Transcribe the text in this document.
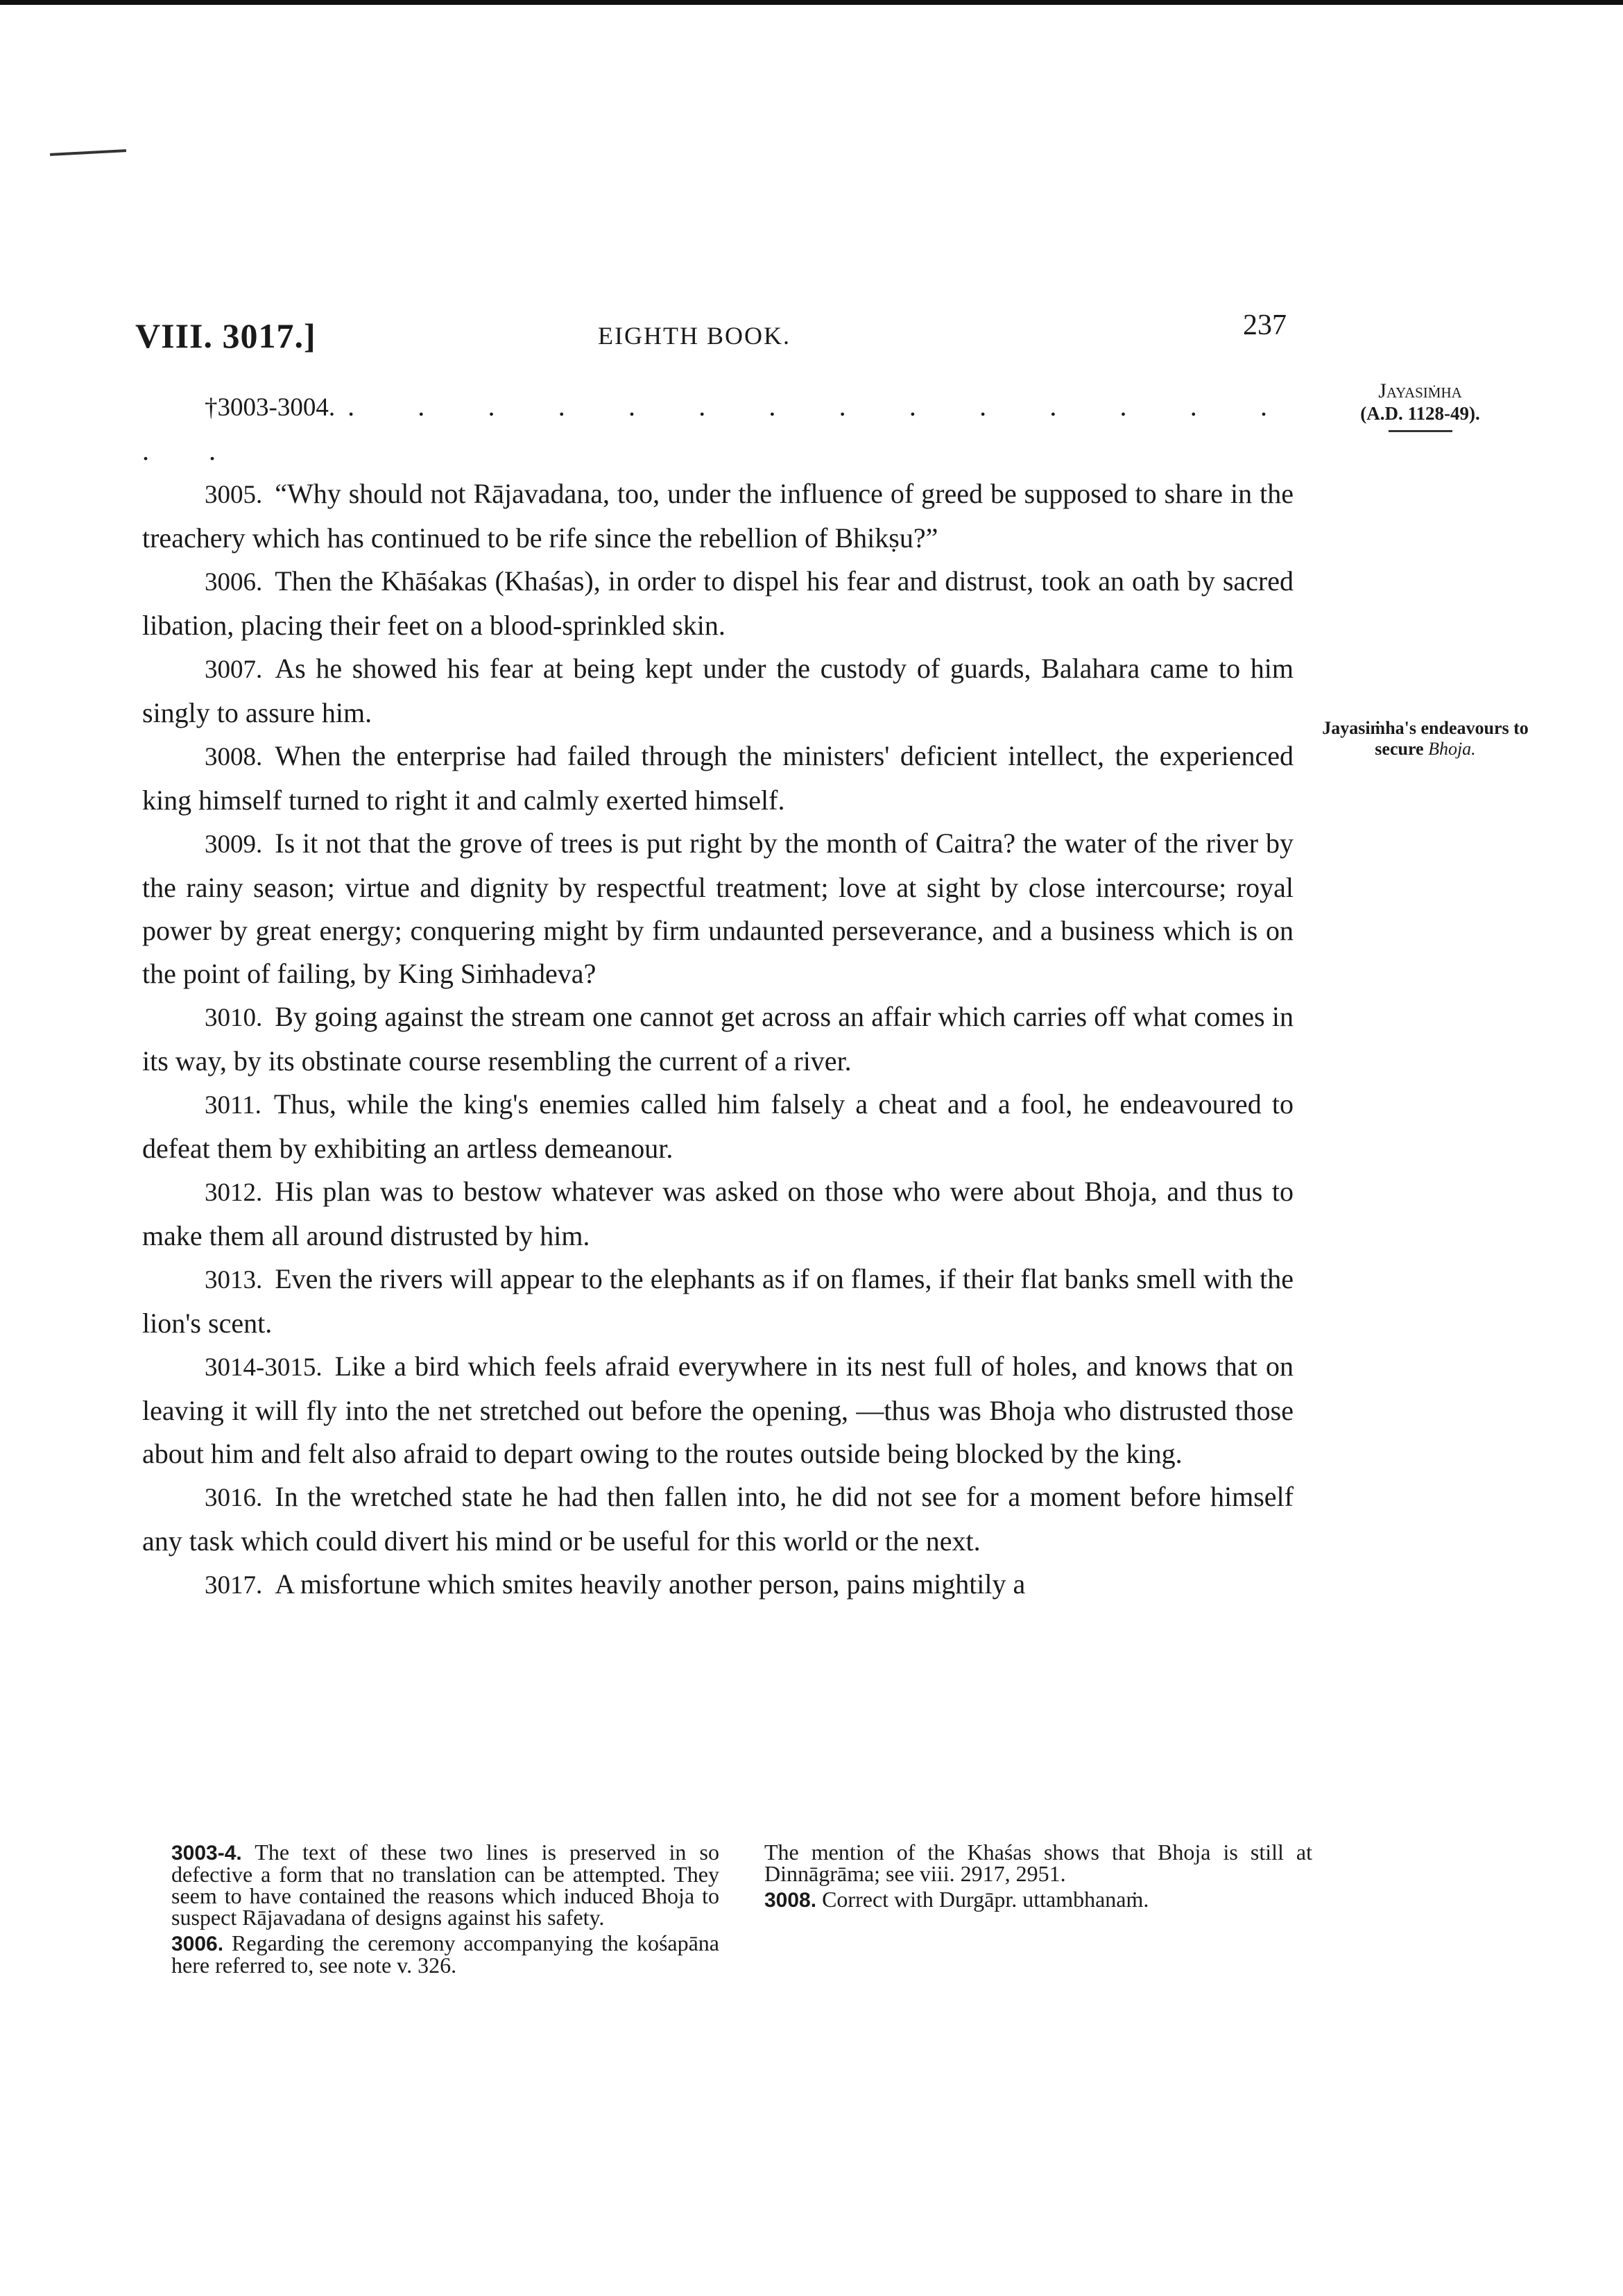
VIII. 3017.]	EIGHTH BOOK.	237
Jayasiṁha
(A.D. 1128-49).
Jayasiṁha's endeavours to secure Bhoja.

†3003-3004. . . . . . . . . . . . . . . . .

3005. “Why should not Rājavadana, too, under the influence of greed be supposed to share in the treachery which has continued to be rife since the rebellion of Bhikṣu?”

3006. Then the Khāśakas (Khaśas), in order to dispel his fear and distrust, took an oath by sacred libation, placing their feet on a blood-sprinkled skin.

3007. As he showed his fear at being kept under the custody of guards, Balahara came to him singly to assure him.

3008. When the enterprise had failed through the ministers' deficient intellect, the experienced king himself turned to right it and calmly exerted himself.

3009. Is it not that the grove of trees is put right by the month of Caitra? the water of the river by the rainy season; virtue and dignity by respectful treatment; love at sight by close intercourse; royal power by great energy; conquering might by firm undaunted perseverance, and a business which is on the point of failing, by King Siṁhadeva?

3010. By going against the stream one cannot get across an affair which carries off what comes in its way, by its obstinate course resembling the current of a river.

3011. Thus, while the king's enemies called him falsely a cheat and a fool, he endeavoured to defeat them by exhibiting an artless demeanour.

3012. His plan was to bestow whatever was asked on those who were about Bhoja, and thus to make them all around distrusted by him.

3013. Even the rivers will appear to the elephants as if on flames, if their flat banks smell with the lion's scent.

3014-3015. Like a bird which feels afraid everywhere in its nest full of holes, and knows that on leaving it will fly into the net stretched out before the opening, —thus was Bhoja who distrusted those about him and felt also afraid to depart owing to the routes outside being blocked by the king.

3016. In the wretched state he had then fallen into, he did not see for a moment before himself any task which could divert his mind or be useful for this world or the next.

3017. A misfortune which smites heavily another person, pains mightily a

3003-4. The text of these two lines is preserved in so defective a form that no translation can be attempted. They seem to have contained the reasons which induced Bhoja to suspect Rājavadana of designs against his safety.

3006. Regarding the ceremony accompanying the kośapāna here referred to, see note v. 326.

The mention of the Khaśas shows that Bhoja is still at Dinnāgrāma; see viii. 2917, 2951.

3008. Correct with Durgāpr. uttambhanaṁ.
